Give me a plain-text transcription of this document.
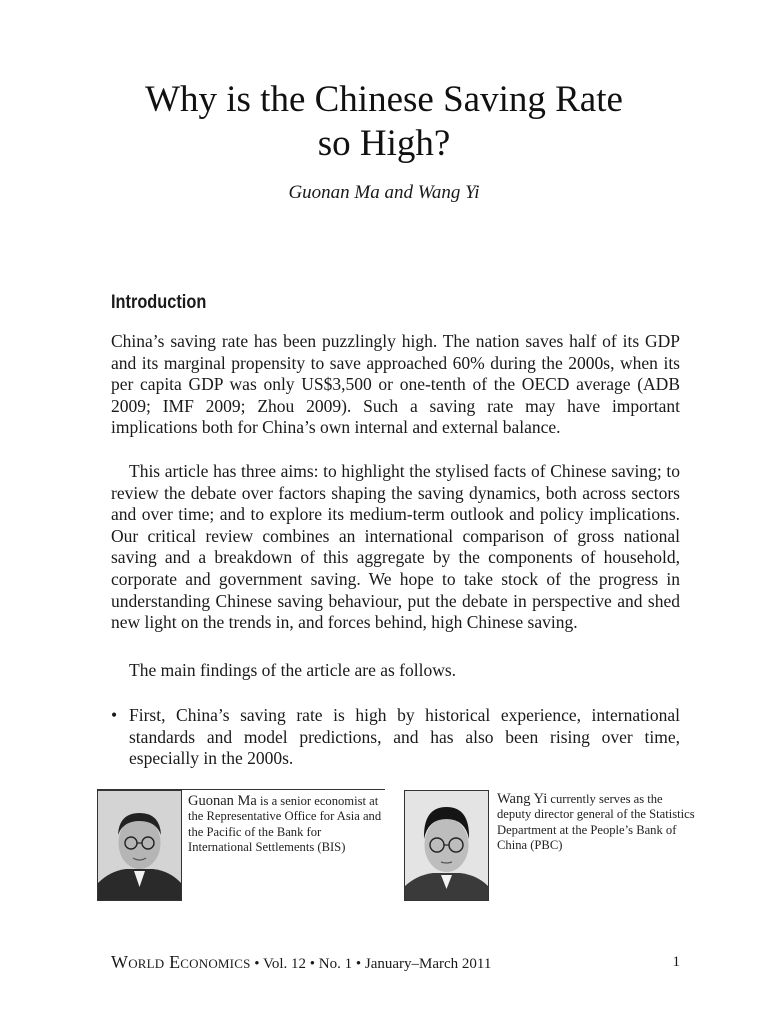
Why is the Chinese Saving Rate
so High?
Guonan Ma and Wang Yi
Introduction

China’s saving rate has been puzzlingly high. The nation saves half of its GDP and its marginal propensity to save approached 60% during the 2000s, when its per capita GDP was only US$3,500 or one-tenth of the OECD average (ADB 2009; IMF 2009; Zhou 2009). Such a saving rate may have important implications both for China’s own internal and external balance.

This article has three aims: to highlight the stylised facts of Chinese saving; to review the debate over factors shaping the saving dynamics, both across sectors and over time; and to explore its medium-term outlook and policy implications. Our critical review combines an international comparison of gross national saving and a breakdown of this aggregate by the components of household, corporate and government saving. We hope to take stock of the progress in understanding Chinese saving behaviour, put the debate in perspective and shed new light on the trends in, and forces behind, high Chinese saving.

The main findings of the article are as follows.

• First, China’s saving rate is high by historical experience, international standards and model predictions, and has also been rising over time, especially in the 2000s.

Guonan Ma is a senior economist at the Representative Office for Asia and the Pacific of the Bank for International Settlements (BIS)
Wang Yi currently serves as the deputy director general of the Statistics Department at the People’s Bank of China (PBC)
World Economics • Vol. 12 • No. 1 • January–March 2011	1
